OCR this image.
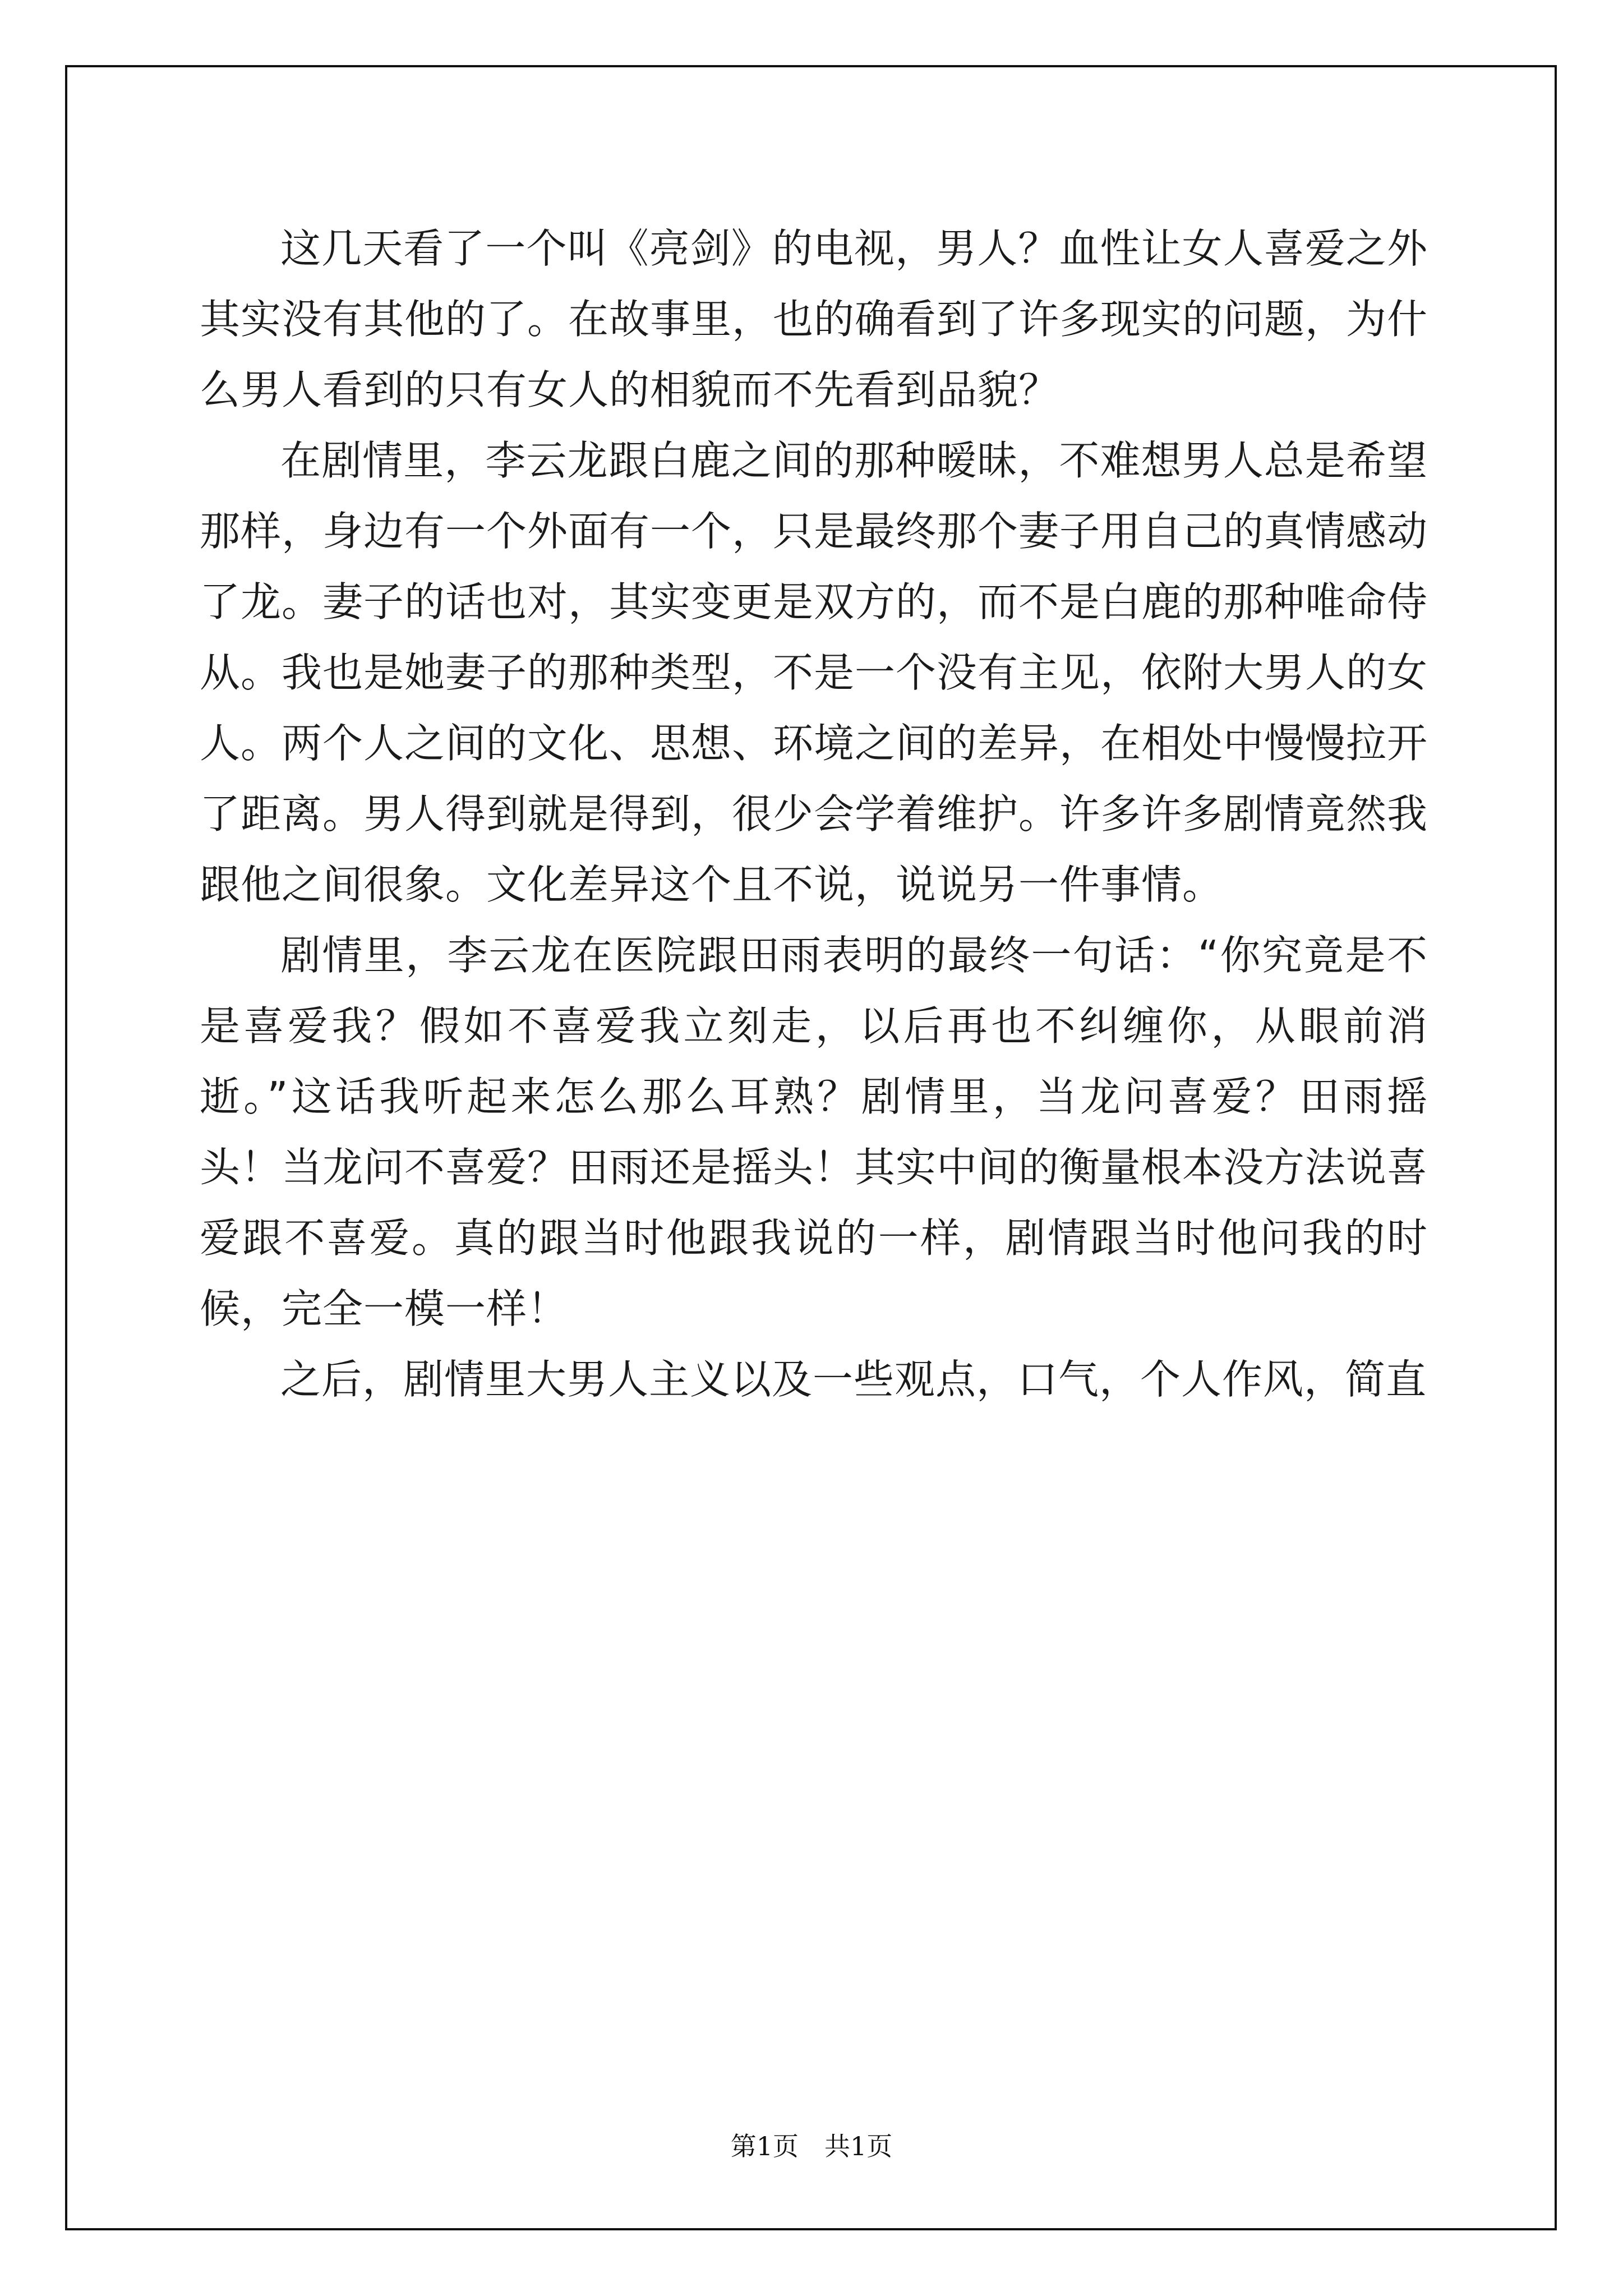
这几天看了一个叫《亮剑》的电视，男人？血性让女人喜爱之外其实没有其他的了。在故事里，也的确看到了许多现实的问题，为什么男人看到的只有女人的相貌而不先看到品貌？

在剧情里，李云龙跟白鹿之间的那种暧昧，不难想男人总是希望那样，身边有一个外面有一个，只是最终那个妻子用自己的真情感动了龙。妻子的话也对，其实变更是双方的，而不是白鹿的那种唯命侍从。我也是她妻子的那种类型，不是一个没有主见，依附大男人的女人。两个人之间的文化、思想、环境之间的差异，在相处中慢慢拉开了距离。男人得到就是得到，很少会学着维护。许多许多剧情竟然我跟他之间很象。文化差异这个且不说，说说另一件事情。

剧情里，李云龙在医院跟田雨表明的最终一句话：“你究竟是不是喜爱我？假如不喜爱我立刻走，以后再也不纠缠你，从眼前消逝。”这话我听起来怎么那么耳熟？剧情里，当龙问喜爱？田雨摇头！当龙问不喜爱？田雨还是摇头！其实中间的衡量根本没方法说喜爱跟不喜爱。真的跟当时他跟我说的一样，剧情跟当时他问我的时候，完全一模一样！

之后，剧情里大男人主义以及一些观点，口气，个人作风，简直

第1页　共1页
